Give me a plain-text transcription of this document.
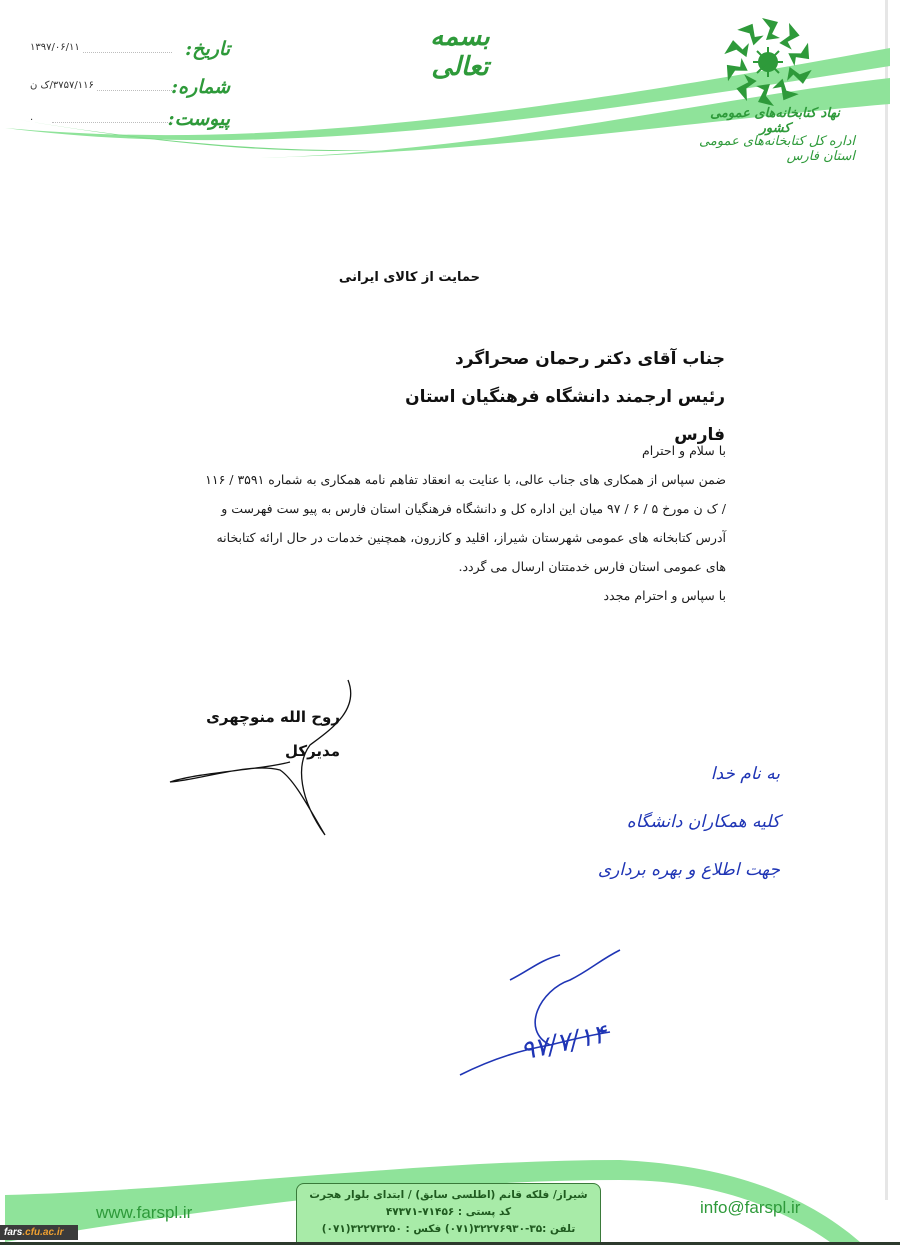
بسمه تعالی
تاریخ:
۱۳۹۷/۰۶/۱۱
شماره:
۳۷۵۷/۱۱۶/ک ن
پیوست:
.	نهاد کتابخانه‌های عمومی کشور
اداره کل کتابخانه‌های عمومی استان فارس
حمایت از کالای ایرانی
جناب آقای دکتر رحمان صحراگرد
رئیس ارجمند دانشگاه فرهنگیان استان فارس

با سلام و احترام

ضمن سپاس از همکاری های جناب عالی، با عنایت به انعقاد تفاهم نامه همکاری به شماره ۳۵۹۱ / ۱۱۶

/ ک ن مورخ ۵ / ۶ / ۹۷ میان این اداره کل و دانشگاه فرهنگیان استان فارس به پیو ست فهرست و

آدرس کتابخانه های عمومی شهرستان شیراز، اقلید و کازرون، همچنین خدمات در حال ارائه کتابخانه

های عمومی استان فارس خدمتتان ارسال می گردد.

با سپاس و احترام مجدد

روح الله منوچهری
مدیرکل
به نام خدا
کلیه همکاران دانشگاه
جهت اطلاع و بهره برداری
۹۷/۷/۱۴
www.farspl.ir	info@farspl.ir
شیراز/ فلکه قانم (اطلسی سابق) / ابتدای بلوار هجرت
کد پستی : ۷۱۴۵۶-۴۷۳۷۱
تلفن :۳۵-۳۲۲۷۶۹۳۰(۰۷۱) فکس : ۳۲۲۷۳۲۵۰(۰۷۱)
fars.cfu.ac.ir
